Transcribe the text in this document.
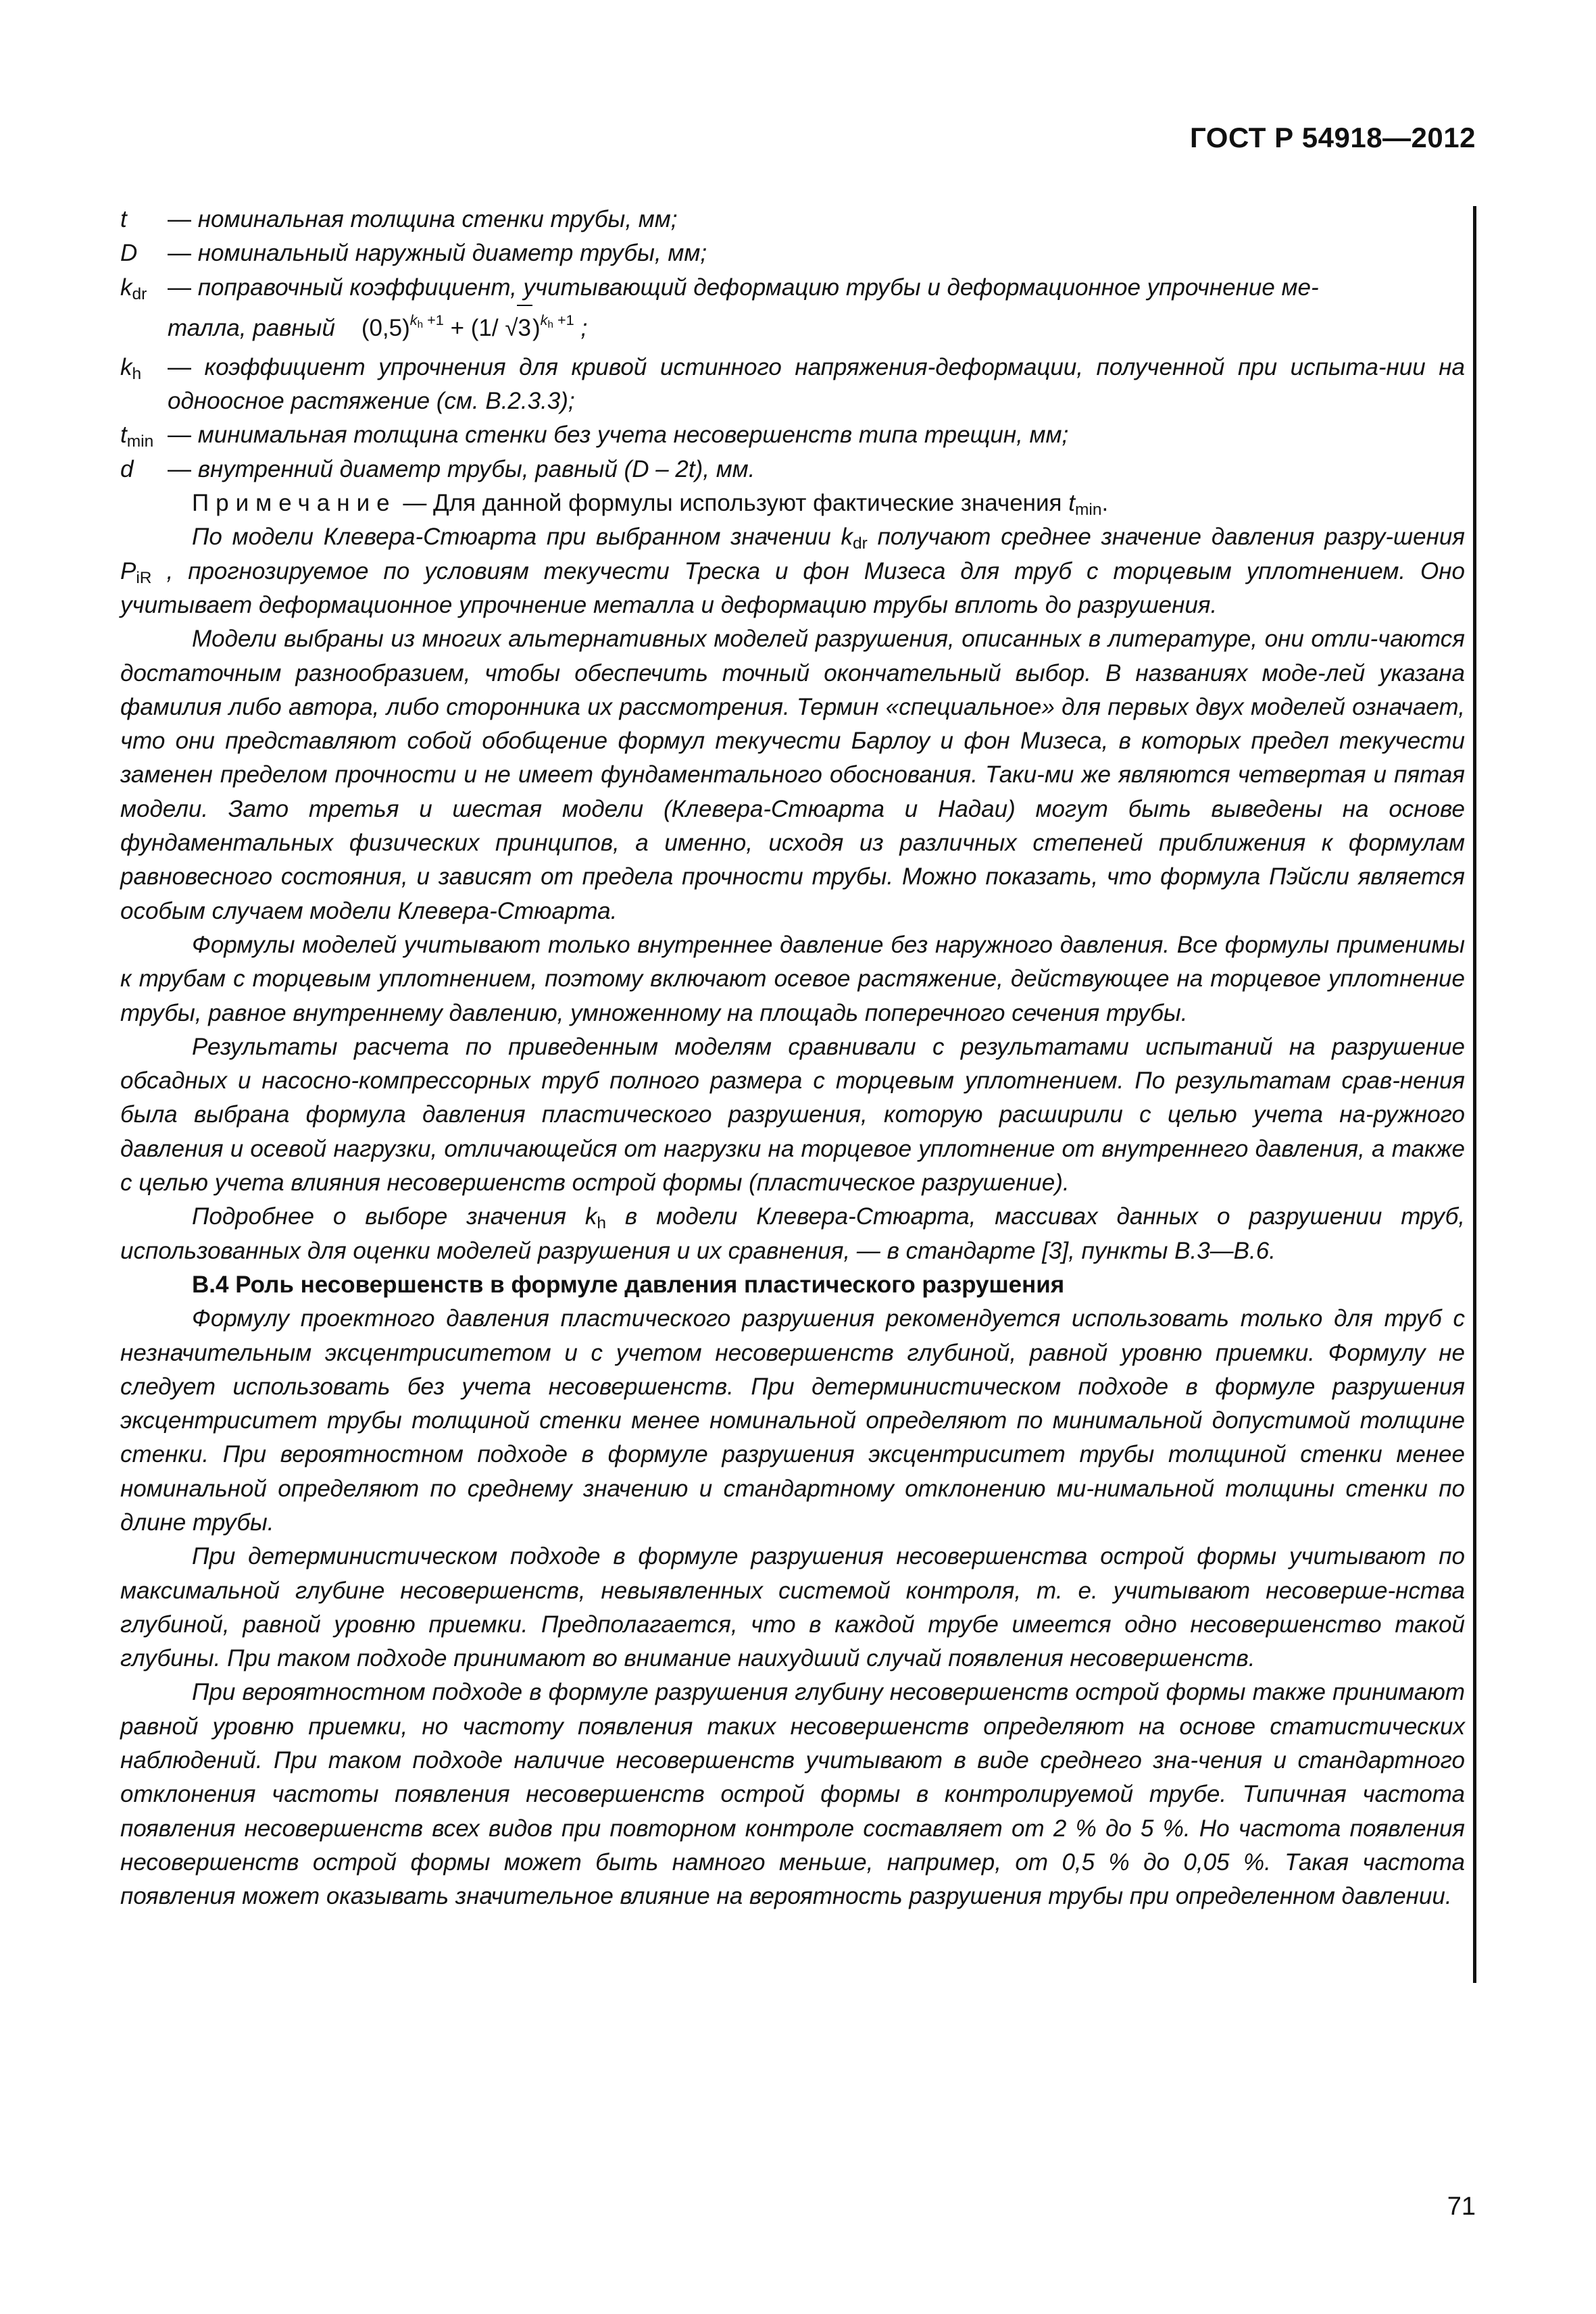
ГОСТ Р 54918—2012
t	— номинальная толщина стенки трубы, мм;
D	— номинальный наружный диаметр трубы, мм;
$k_{dr}$ — поправочный коэффициент, учитывающий деформацию трубы и деформационное упрочнение ме-
талла, равный $(0,5)^{k_h +1} + (1/$ √3)$^{k_h +1}$ ;
$k_h$	— коэффициент упрочнения для кривой истинного напряжения-деформации, полученной при испыта-нии на одноосное растяжение (см. В.2.3.3);
$t_{min}$ — минимальная толщина стенки без учета несовершенств типа трещин, мм;
d	— внутренний диаметр трубы, равный (D – 2t), мм.
Примечание — Для данной формулы используют фактические значения $t_{min}$.

По модели Клевера-Стюарта при выбранном значении $k_{dr}$ получают среднее значение давления разру-шения $P_{iR}$ , прогнозируемое по условиям текучести Треска и фон Мизеса для труб с торцевым уплотнением. Оно учитывает деформационное упрочнение металла и деформацию трубы вплоть до разрушения.

Модели выбраны из многих альтернативных моделей разрушения, описанных в литературе, они отли-чаются достаточным разнообразием, чтобы обеспечить точный окончательный выбор. В названиях моде-лей указана фамилия либо автора, либо сторонника их рассмотрения. Термин «специальное» для первых двух моделей означает, что они представляют собой обобщение формул текучести Барлоу и фон Мизеса, в которых предел текучести заменен пределом прочности и не имеет фундаментального обоснования. Таки-ми же являются четвертая и пятая модели. Зато третья и шестая модели (Клевера-Стюарта и Надаи) могут быть выведены на основе фундаментальных физических принципов, а именно, исходя из различных степеней приближения к формулам равновесного состояния, и зависят от предела прочности трубы. Можно показать, что формула Пэйсли является особым случаем модели Клевера-Стюарта.

Формулы моделей учитывают только внутреннее давление без наружного давления. Все формулы применимы к трубам с торцевым уплотнением, поэтому включают осевое растяжение, действующее на торцевое уплотнение трубы, равное внутреннему давлению, умноженному на площадь поперечного сечения трубы.

Результаты расчета по приведенным моделям сравнивали с результатами испытаний на разрушение обсадных и насосно-компрессорных труб полного размера с торцевым уплотнением. По результатам срав-нения была выбрана формула давления пластического разрушения, которую расширили с целью учета на-ружного давления и осевой нагрузки, отличающейся от нагрузки на торцевое уплотнение от внутреннего давления, а также с целью учета влияния несовершенств острой формы (пластическое разрушение).

Подробнее о выборе значения $k_h$ в модели Клевера-Стюарта, массивах данных о разрушении труб, использованных для оценки моделей разрушения и их сравнения, — в стандарте [3], пункты В.3—В.6.

В.4 Роль несовершенств в формуле давления пластического разрушения

Формулу проектного давления пластического разрушения рекомендуется использовать только для труб с незначительным эксцентриситетом и с учетом несовершенств глубиной, равной уровню приемки. Формулу не следует использовать без учета несовершенств. При детерминистическом подходе в формуле разрушения эксцентриситет трубы толщиной стенки менее номинальной определяют по минимальной допустимой толщине стенки. При вероятностном подходе в формуле разрушения эксцентриситет трубы толщиной стенки менее номинальной определяют по среднему значению и стандартному отклонению ми-нимальной толщины стенки по длине трубы.

При детерминистическом подходе в формуле разрушения несовершенства острой формы учитывают по максимальной глубине несовершенств, невыявленных системой контроля, т. е. учитывают несоверше-нства глубиной, равной уровню приемки. Предполагается, что в каждой трубе имеется одно несовершенство такой глубины. При таком подходе принимают во внимание наихудший случай появления несовершенств.

При вероятностном подходе в формуле разрушения глубину несовершенств острой формы также принимают равной уровню приемки, но частоту появления таких несовершенств определяют на основе статистических наблюдений. При таком подходе наличие несовершенств учитывают в виде среднего зна-чения и стандартного отклонения частоты появления несовершенств острой формы в контролируемой трубе. Типичная частота появления несовершенств всех видов при повторном контроле составляет от 2 % до 5 %. Но частота появления несовершенств острой формы может быть намного меньше, например, от 0,5 % до 0,05 %. Такая частота появления может оказывать значительное влияние на вероятность разрушения трубы при определенном давлении.

71
